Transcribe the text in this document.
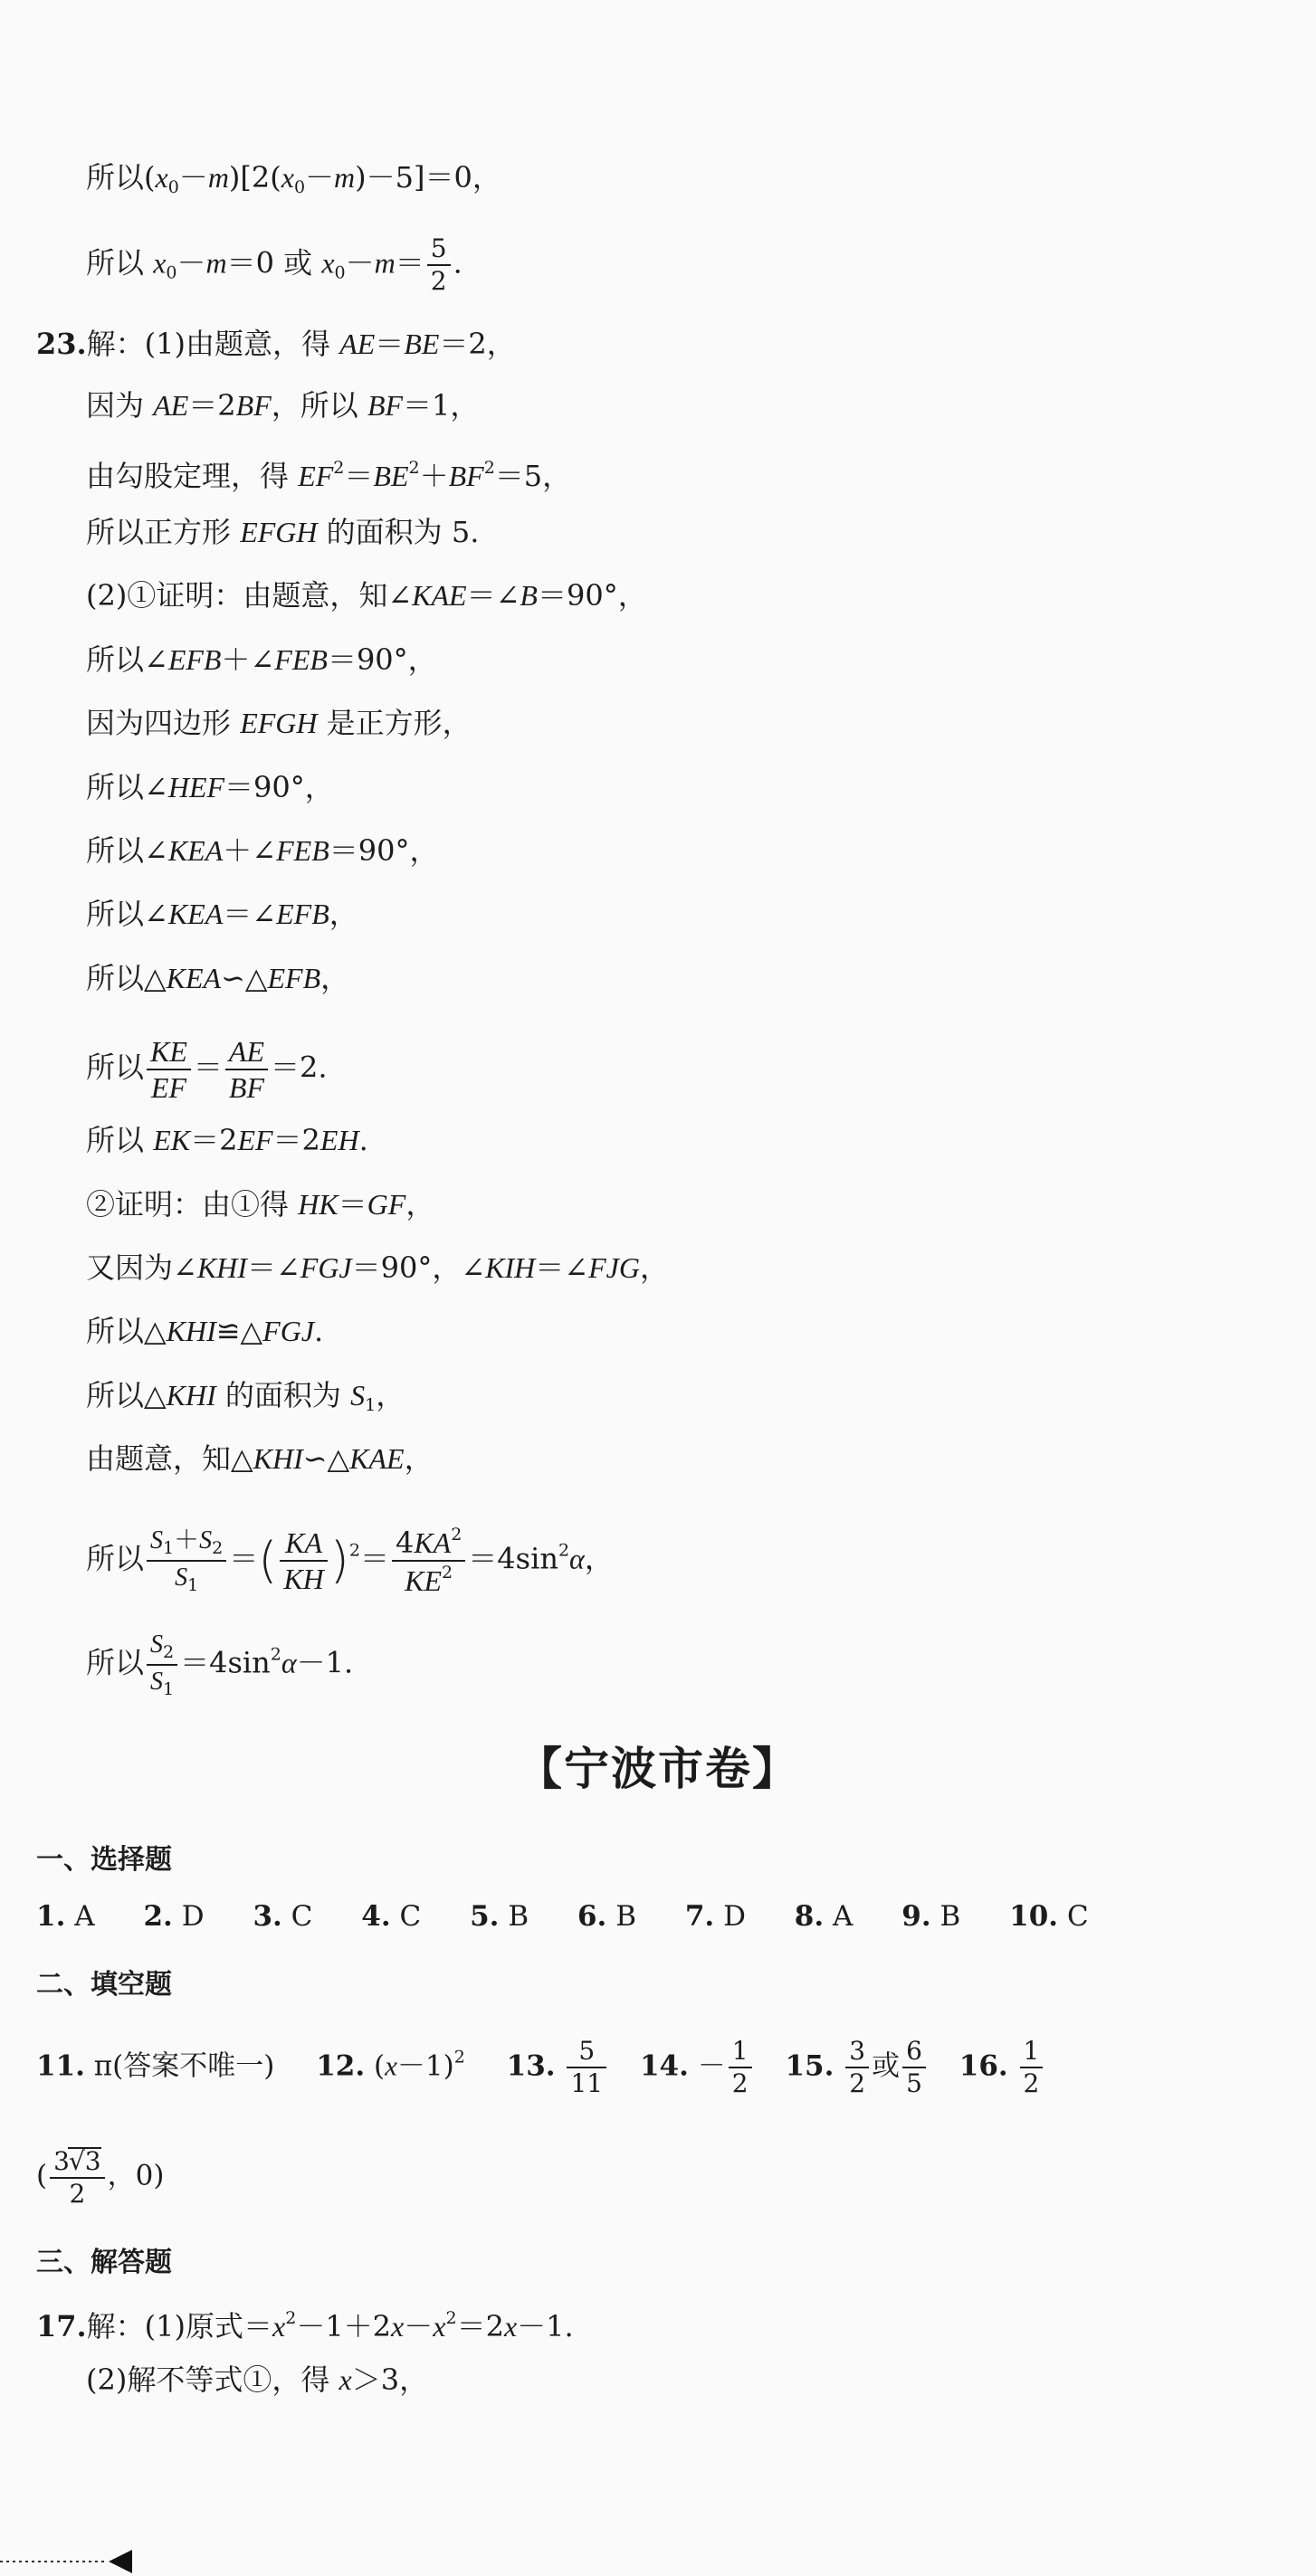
所以$(x_0-m)[2(x_0-m)-5]=0$，
所以 $x_0-m=0$ 或 $x_0-m= \frac{5}{2}$ .
23.解：(1)由题意，得 AE＝BE＝2，
因为 AE＝2BF，所以 BF＝1，
由勾股定理，得 $EF^2=BE^2+BF^2=5$，
所以正方形 EFGH 的面积为 5.
(2)①证明：由题意，知∠KAE＝∠B＝90°，
所以∠EFB＋∠FEB＝90°，
因为四边形 EFGH 是正方形，
所以∠HEF＝90°，
所以∠KEA＋∠FEB＝90°，
所以∠KEA＝∠EFB，
所以△KEA∽△EFB，
所以 $\frac{KE}{EF} = \frac{AE}{BF} =2$.
所以 EK＝2EF＝2EH.
②证明：由①得 HK＝GF，
又因为∠KHI＝∠FGJ＝90°，∠KIH＝∠FJG，
所以△KHI≌△FGJ.
所以△KHI 的面积为 $S_1$，
由题意，知△KHI∽△KAE，
所以 $\frac{S_1+S_2}{S_1}$ ＝( $\frac{KA}{KH} )^2= \frac{4KA^2}{KE^2} =4\sin^2\alpha$，
所以 $\frac{S_2}{S_1} =4\sin^2\alpha-1$.
【宁波市卷】
一、选择题
1. A 2. D 3. C 4. C 5. B 6. B 7. D 8. A 9. B 10. C
二、填空题
11. π(答案不唯一) 12. $(x-1)^2$ 13. $\frac{5}{11} 14$. － $\frac{1}{2} 15$. $\frac{3}{2}$ 或 $\frac{6}{5} 16$. $\frac{1}{2}$
( $\frac{3√3}{2}$ ，0)
三、解答题
17.解：(1)原式$=x^2-1+2x-x^2=2x-1$.
(2)解不等式①，得 x＞3，
